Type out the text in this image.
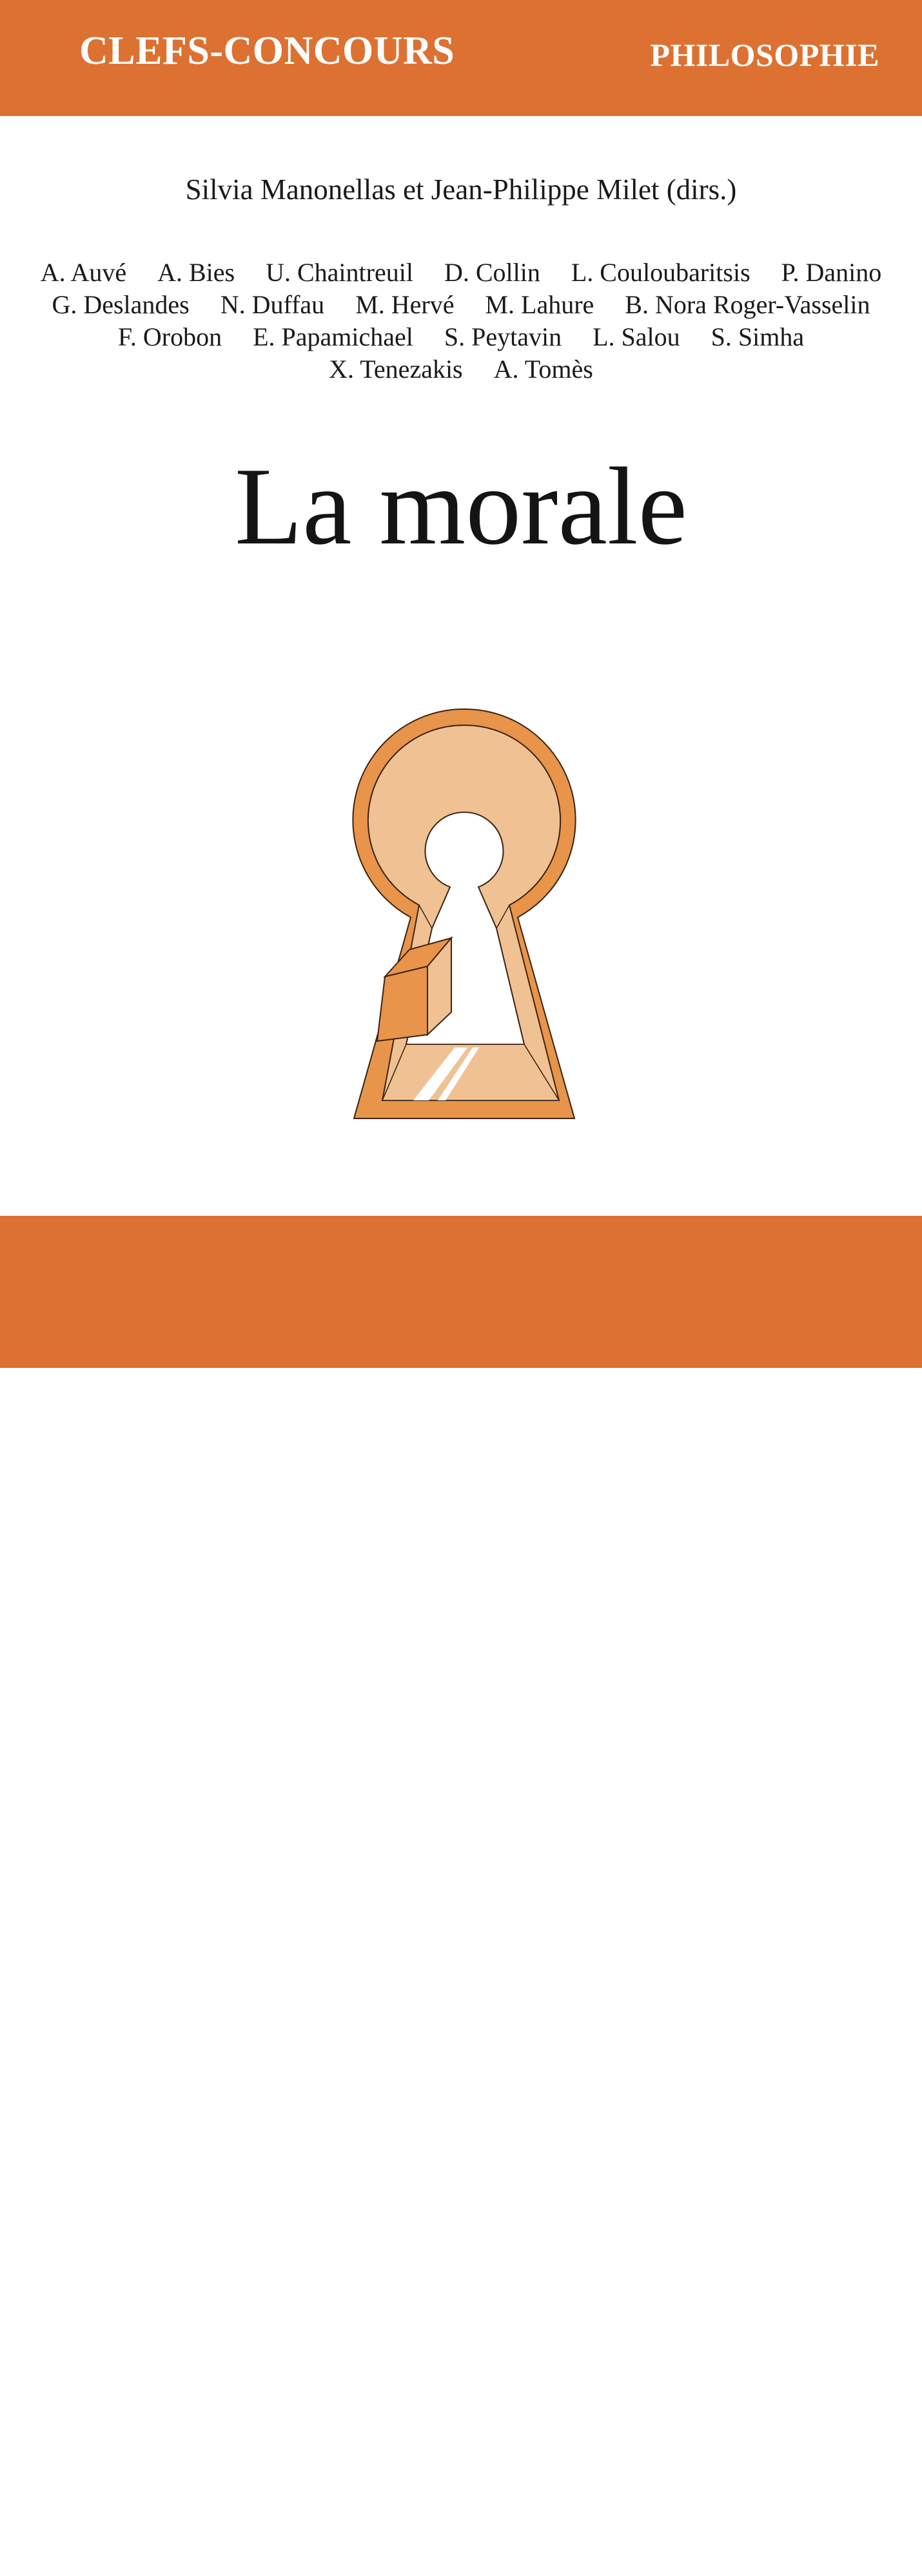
CLEFS-CONCOURS	PHILOSOPHIE
Silvia Manonellas et Jean-Philippe Milet (dirs.)
A. Auvé A. Bies U. Chaintreuil D. Collin L. Couloubaritsis P. Danino
G. Deslandes N. Duffau M. Hervé M. Lahure B. Nora Roger-Vasselin
F. Orobon E. Papamichael S. Peytavin L. Salou S. Simha
X. Tenezakis A. Tomès
La morale
A
tlande
